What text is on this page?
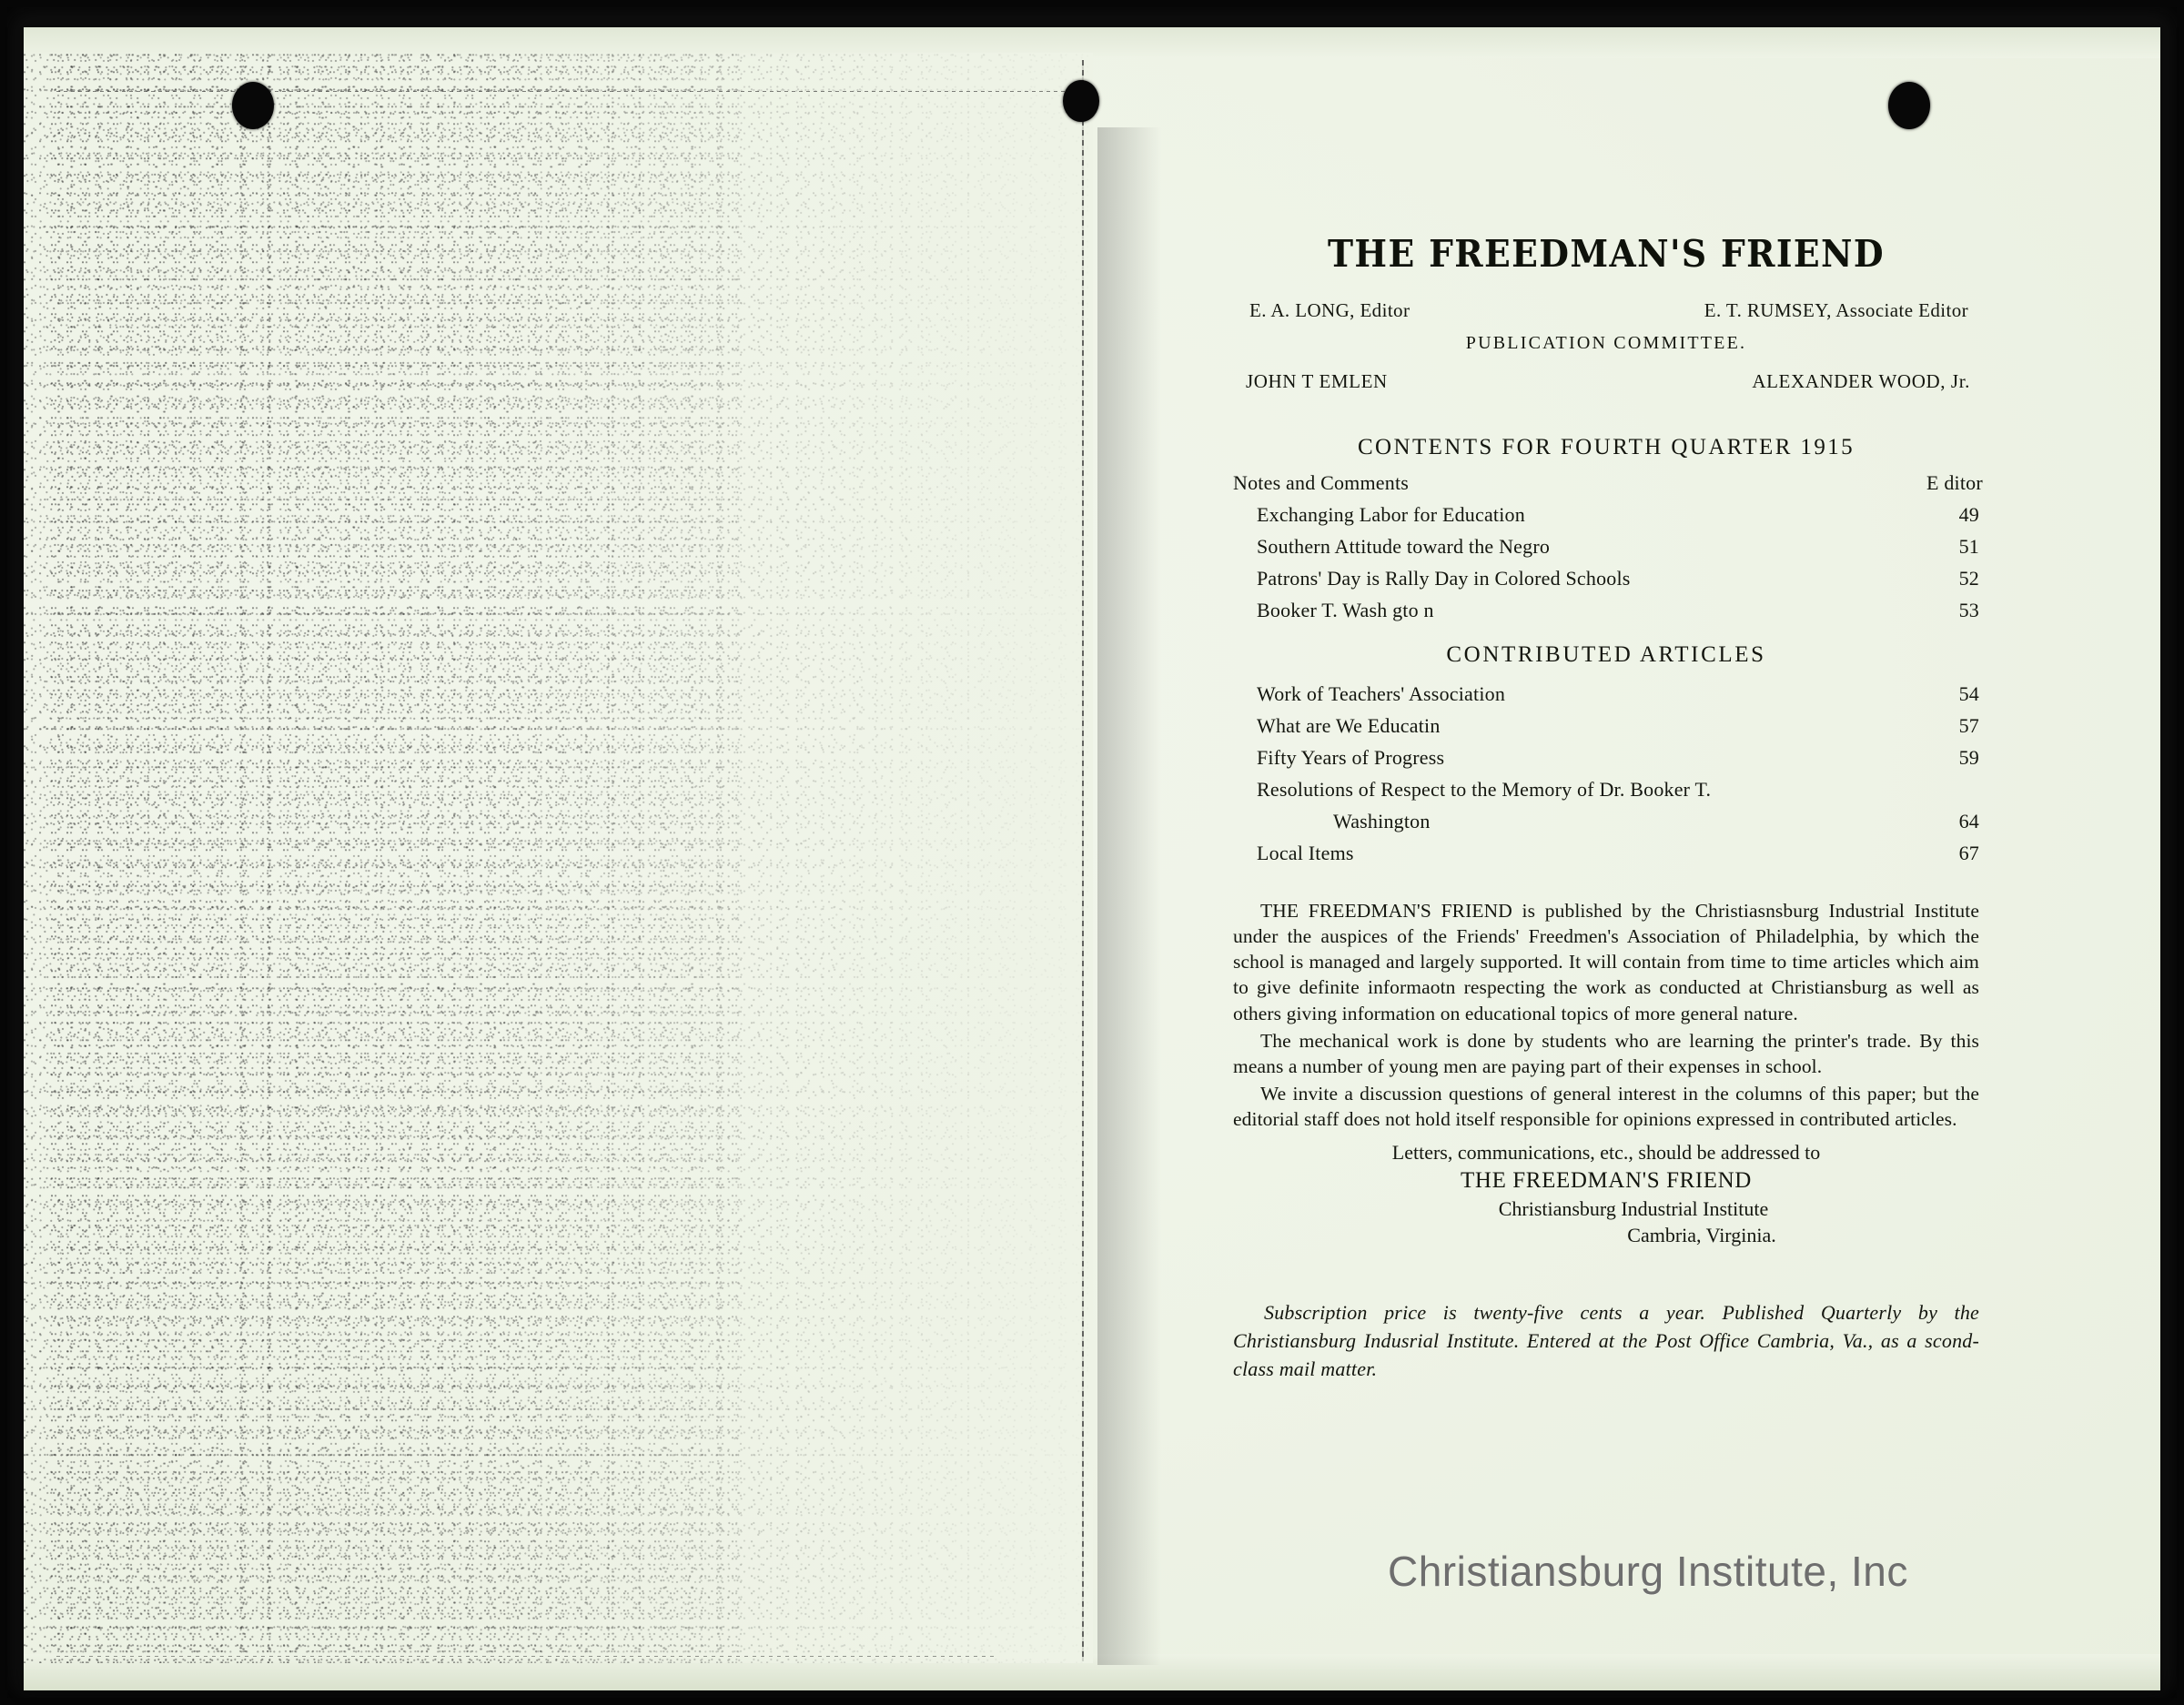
THE FREEDMAN'S FRIEND
E. A. LONG, Editor	E. T. RUMSEY, Associate Editor
PUBLICATION COMMITTEE.
JOHN T EMLEN	ALEXANDER WOOD, Jr.
CONTENTS FOR FOURTH QUARTER 1915
Notes and Comments	E ditor
Exchanging Labor for Education	49
Southern Attitude toward the Negro	51
Patrons' Day is Rally Day in Colored Schools	52
Booker T. Wash gto n	53
CONTRIBUTED ARTICLES
Work of Teachers' Association	54
What are We Educatin	57
Fifty Years of Progress	59
Resolutions of Respect to the Memory of Dr. Booker T.
Washington	64
Local Items	67

THE FREEDMAN'S FRIEND is published by the Christiasnsburg Industrial Institute under the auspices of the Friends' Freedmen's Association of Philadelphia, by which the school is managed and largely supported. It will contain from time to time articles which aim to give definite informaotn respecting the work as conducted at Christiansburg as well as others giving information on educational topics of more general nature.

The mechanical work is done by students who are learning the printer's trade. By this means a number of young men are paying part of their expenses in school.

We invite a discussion questions of general interest in the columns of this paper; but the editorial staff does not hold itself responsible for opinions expressed in contributed articles.

Letters, communications, etc., should be addressed to
THE FREEDMAN'S FRIEND
Christiansburg Industrial Institute
Cambria, Virginia.

Subscription price is twenty-five cents a year. Published Quarterly by the Christiansburg Indusrial Institute. Entered at the Post Office Cambria, Va., as a scond-class mail matter.

Christiansburg Institute, Inc
